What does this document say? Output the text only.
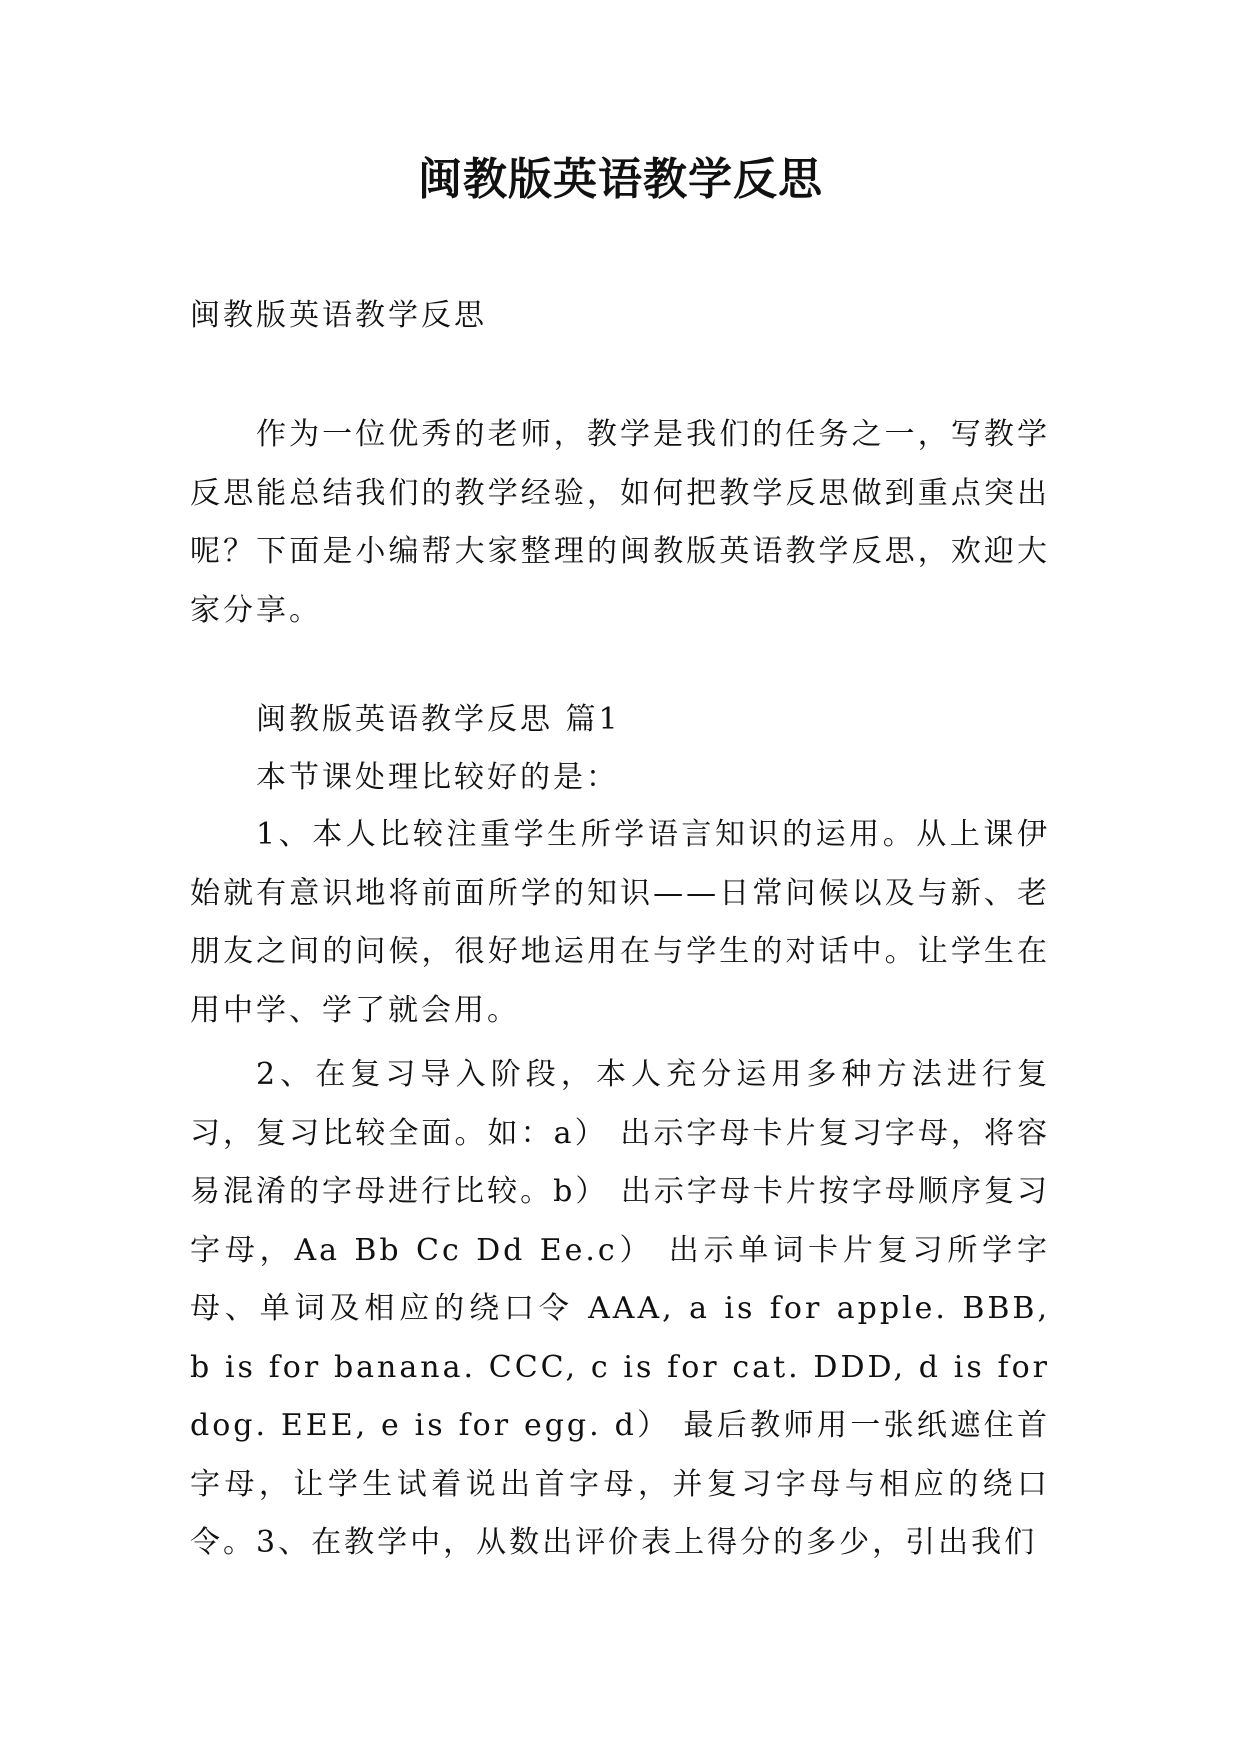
闽教版英语教学反思
闽教版英语教学反思
作为一位优秀的老师，教学是我们的任务之一，写教学反思能总结我们的教学经验，如何把教学反思做到重点突出呢？下面是小编帮大家整理的闽教版英语教学反思，欢迎大家分享。
闽教版英语教学反思 篇1
本节课处理比较好的是：
1、本人比较注重学生所学语言知识的运用。从上课伊始就有意识地将前面所学的知识——日常问候以及与新、老朋友之间的问候，很好地运用在与学生的对话中。让学生在用中学、学了就会用。
2、在复习导入阶段，本人充分运用多种方法进行复习，复习比较全面。如：a） 出示字母卡片复习字母，将容易混淆的字母进行比较。b） 出示字母卡片按字母顺序复习字母，Aa Bb Cc Dd Ee.c） 出示单词卡片复习所学字母、单词及相应的绕口令 AAA, a is for apple. BBB, b is for banana. CCC, c is for cat. DDD, d is for dog. EEE, e is for egg. d） 最后教师用一张纸遮住首字母，让学生试着说出首字母，并复习字母与相应的绕口令。 3、在教学中，从数出评价表上得分的多少，引出我们
